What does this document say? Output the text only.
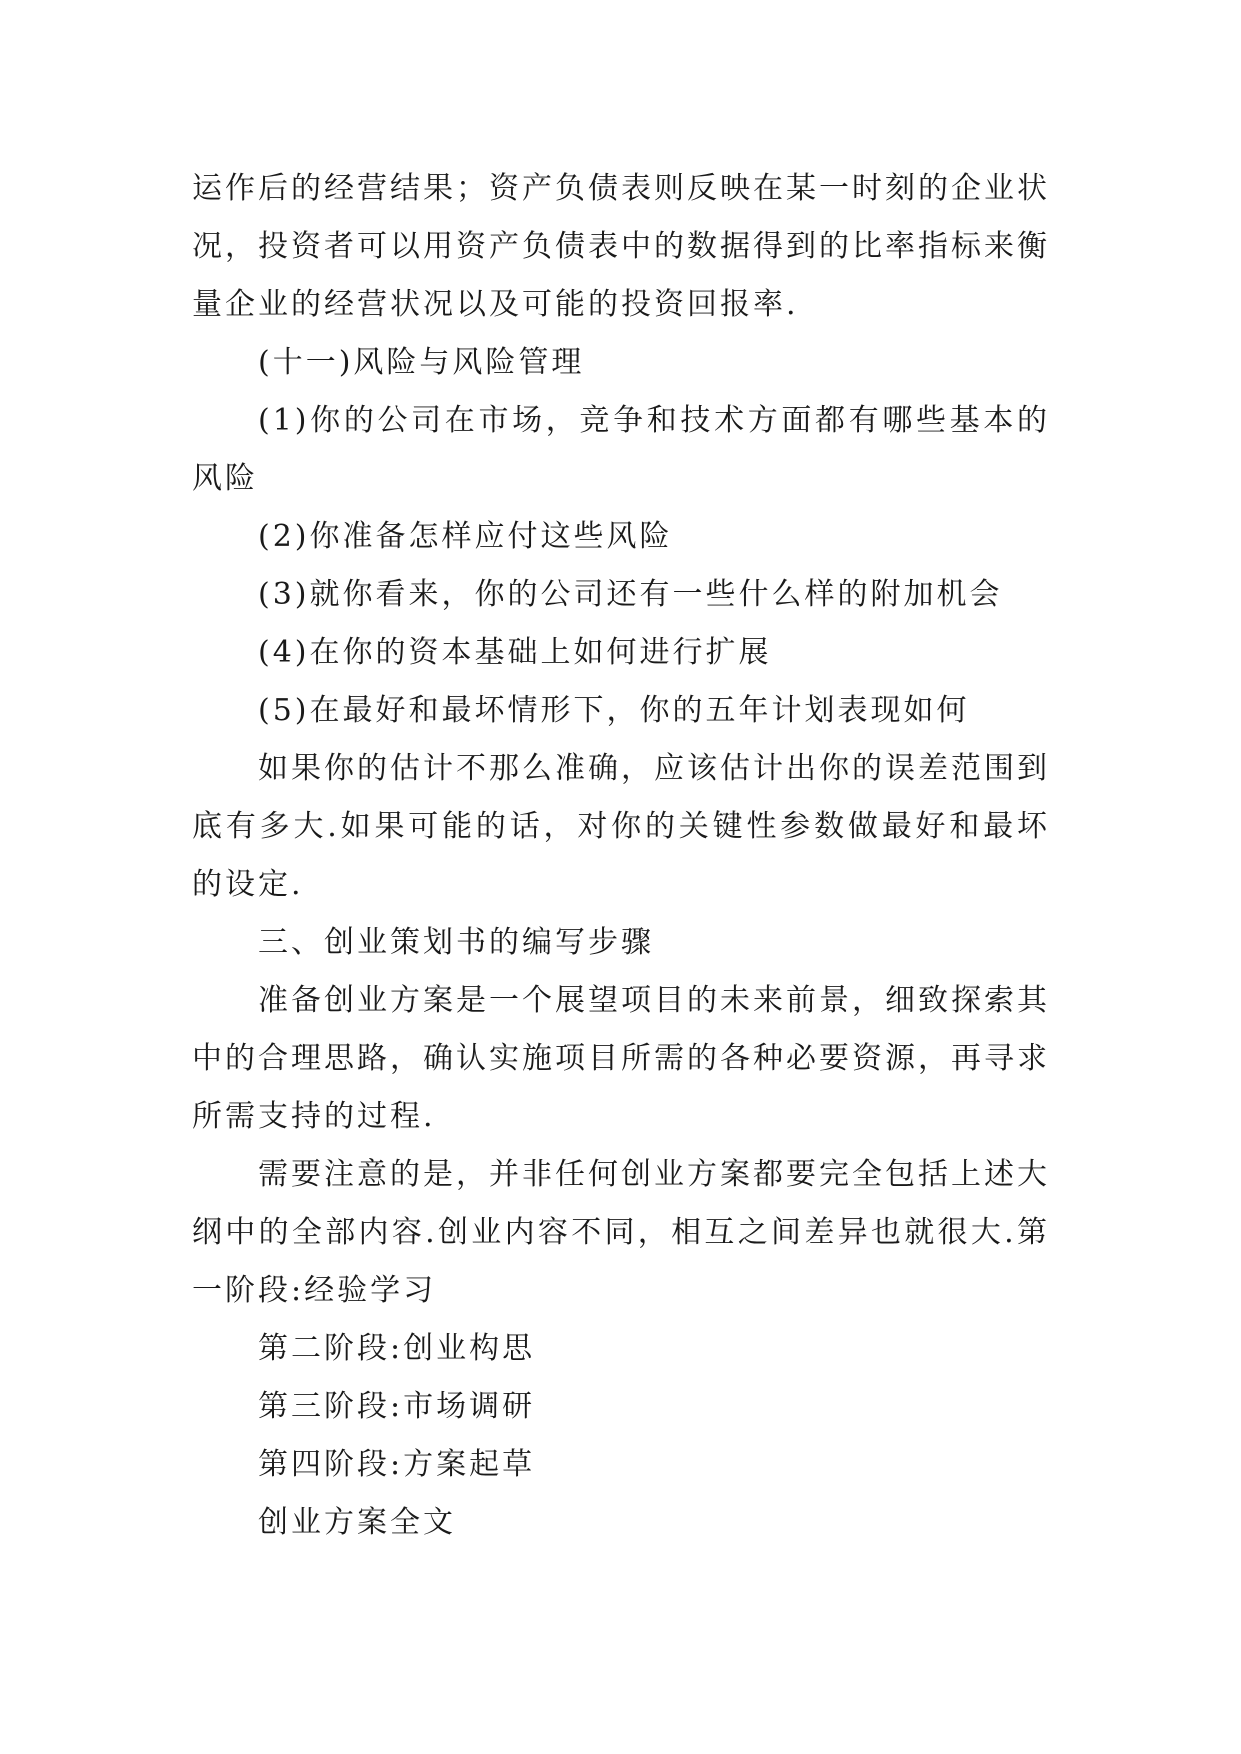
运作后的经营结果；资产负债表则反映在某一时刻的企业状况，投资者可以用资产负债表中的数据得到的比率指标来衡量企业的经营状况以及可能的投资回报率.

(十一)风险与风险管理

(1)你的公司在市场，竞争和技术方面都有哪些基本的风险

(2)你准备怎样应付这些风险

(3)就你看来，你的公司还有一些什么样的附加机会

(4)在你的资本基础上如何进行扩展

(5)在最好和最坏情形下，你的五年计划表现如何

如果你的估计不那么准确，应该估计出你的误差范围到底有多大.如果可能的话，对你的关键性参数做最好和最坏的设定.

三、创业策划书的编写步骤

准备创业方案是一个展望项目的未来前景，细致探索其中的合理思路，确认实施项目所需的各种必要资源，再寻求所需支持的过程.

需要注意的是，并非任何创业方案都要完全包括上述大纲中的全部内容.创业内容不同，相互之间差异也就很大.第一阶段:经验学习

第二阶段:创业构思

第三阶段:市场调研

第四阶段:方案起草

创业方案全文
